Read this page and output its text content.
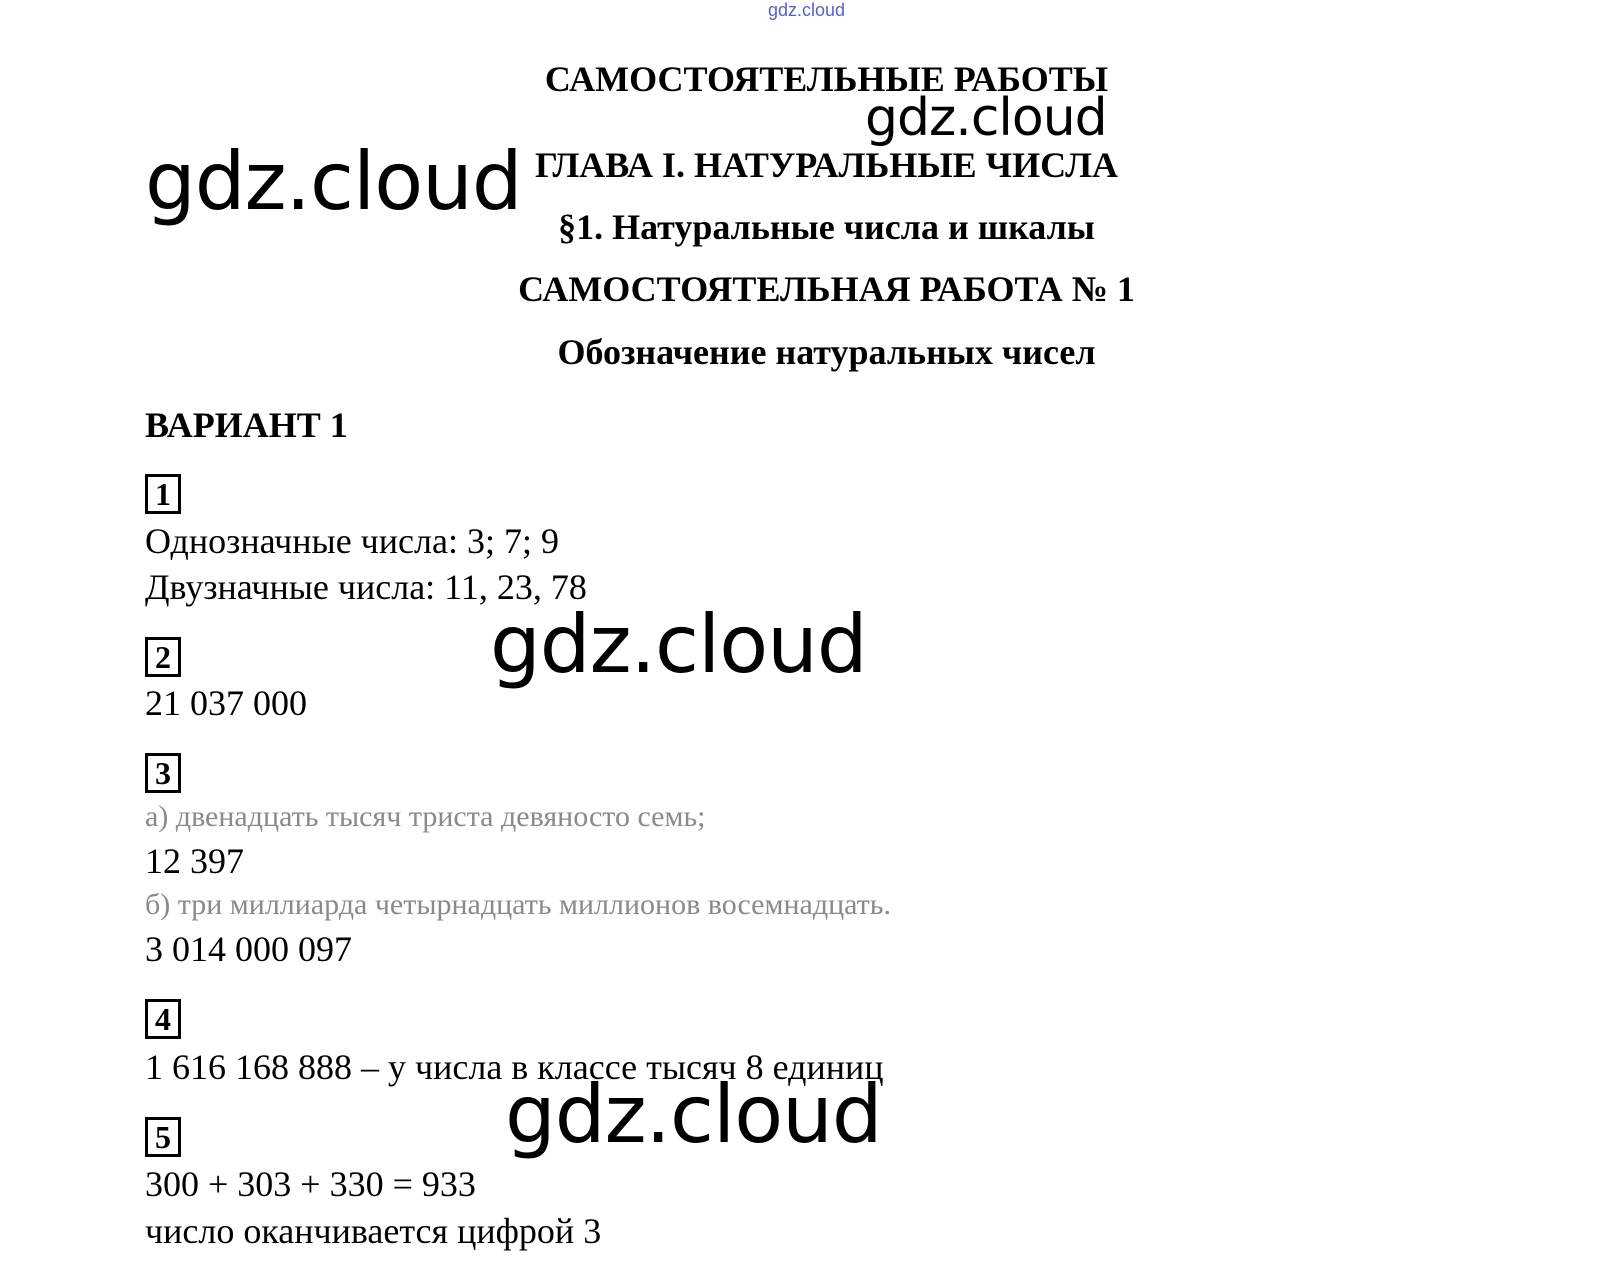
gdz.cloud
САМОСТОЯТЕЛЬНЫЕ РАБОТЫ
ГЛАВА I. НАТУРАЛЬНЫЕ ЧИСЛА
§1. Натуральные числа и шкалы
САМОСТОЯТЕЛЬНАЯ РАБОТА № 1
Обозначение натуральных чисел
gdz.cloud
gdz.cloud
ВАРИАНТ 1
1
Однозначные числа: 3; 7; 9
Двузначные числа: 11, 23, 78
2
21 037 000
gdz.cloud
3
а) двенадцать тысяч триста девяносто семь;
12 397
б) три миллиарда четырнадцать миллионов восемнадцать.
3 014 000 097
4
1 616 168 888 – у числа в классе тысяч 8 единиц
gdz.cloud
5
300 + 303 + 330 = 933
число оканчивается цифрой 3
